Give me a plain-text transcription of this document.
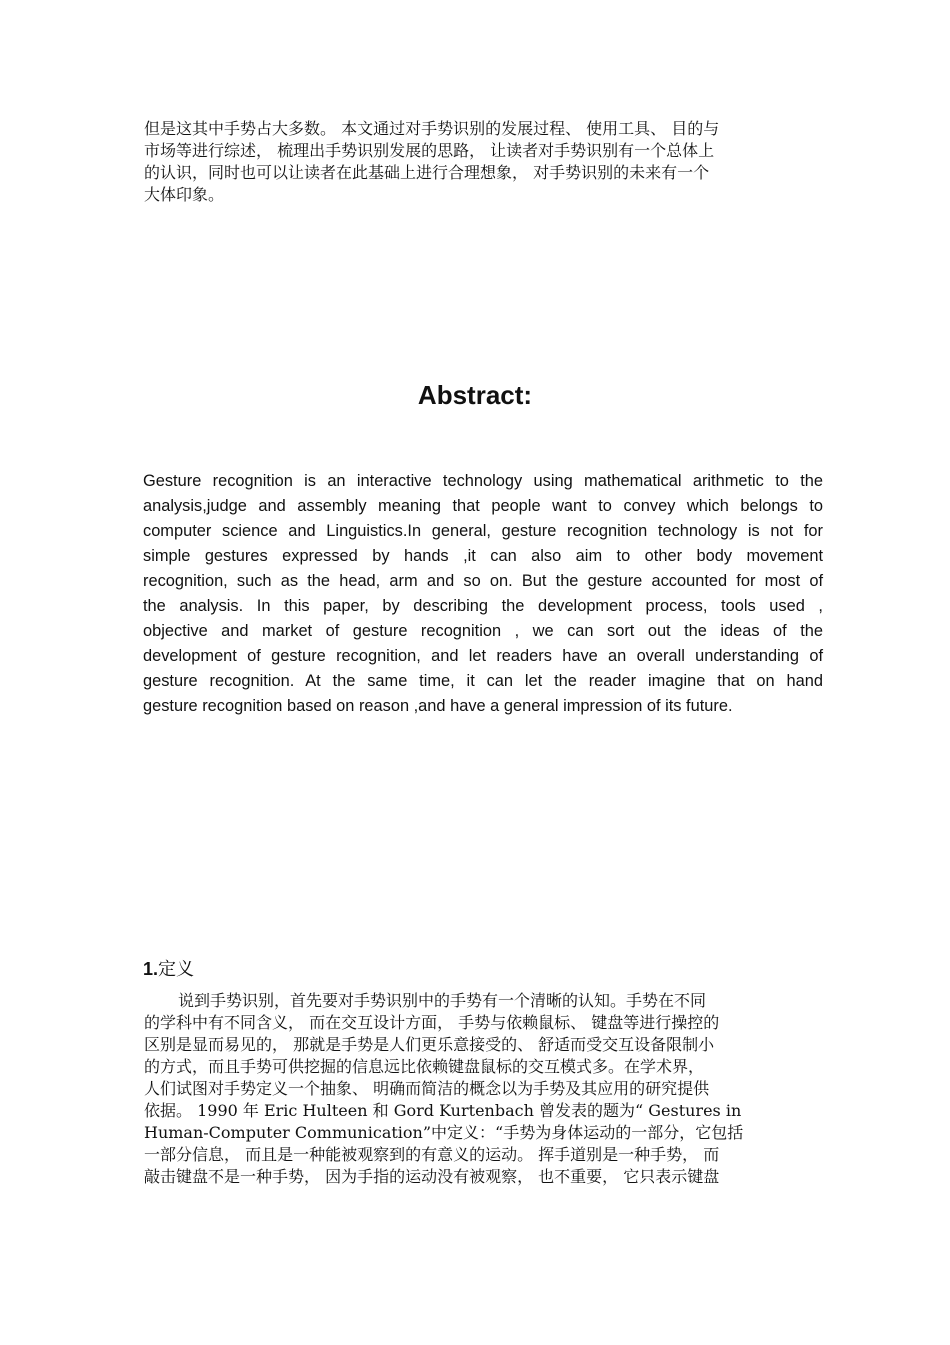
但是这其中手势占大多数。 本文通过对手势识别的发展过程、 使用工具、 目的与
市场等进行综述， 梳理出手势识别发展的思路， 让读者对手势识别有一个总体上
的认识，同时也可以让读者在此基础上进行合理想象， 对手势识别的未来有一个
大体印象。
Abstract:
Gesture recognition is an interactive technology using mathematical arithmetic to the
analysis,judge and assembly meaning that people want to convey which belongs to
computer science and Linguistics.In general, gesture recognition technology is not for
simple gestures expressed by hands ,it can also aim to other body movement
recognition, such as the head, arm and so on. But the gesture accounted for most of
the analysis. In this paper, by describing the development process, tools used ,
objective and market of gesture recognition , we can sort out the ideas of the
development of gesture recognition, and let readers have an overall understanding of
gesture recognition. At the same time, it can let the reader imagine that on hand
gesture recognition based on reason ,and have a general impression of its future.
1.定义
说到手势识别，首先要对手势识别中的手势有一个清晰的认知。手势在不同
的学科中有不同含义， 而在交互设计方面， 手势与依赖鼠标、 键盘等进行操控的
区别是显而易见的， 那就是手势是人们更乐意接受的、 舒适而受交互设备限制小
的方式，而且手势可供挖掘的信息远比依赖键盘鼠标的交互模式多。在学术界，
人们试图对手势定义一个抽象、 明确而简洁的概念以为手势及其应用的研究提供
依据。 1990 年 Eric Hulteen 和 Gord Kurtenbach 曾发表的题为“ Gestures in
Human-Computer Communication”中定义：“手势为身体运动的一部分，它包括
一部分信息， 而且是一种能被观察到的有意义的运动。 挥手道别是一种手势， 而
敲击键盘不是一种手势， 因为手指的运动没有被观察， 也不重要， 它只表示键盘
